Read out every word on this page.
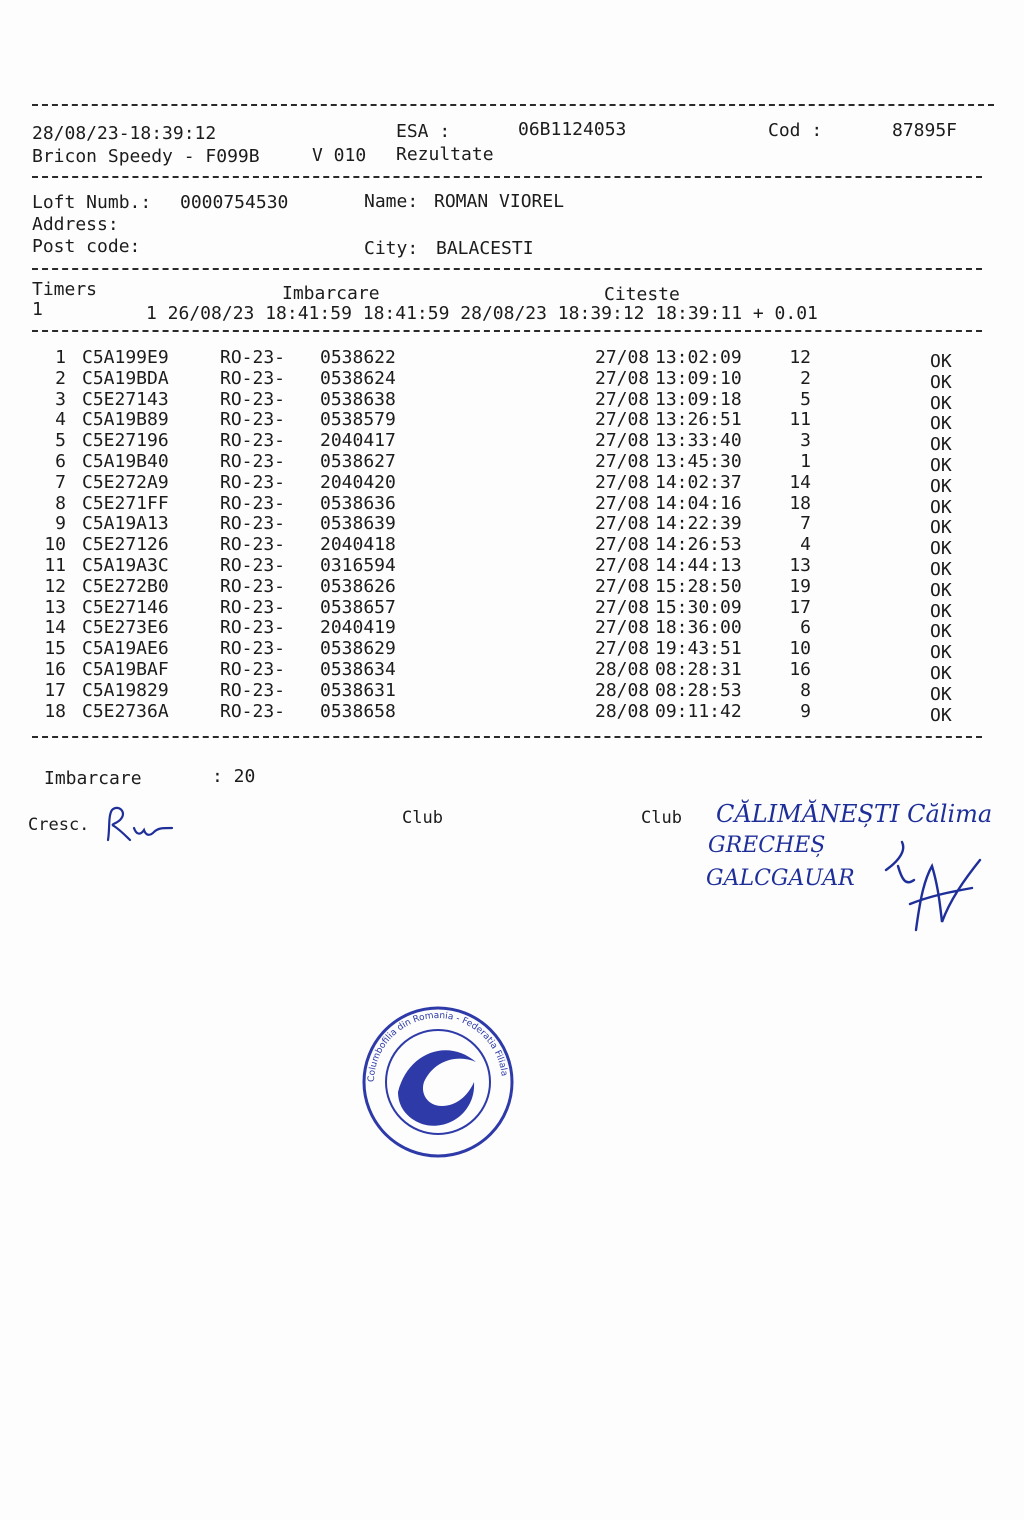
28/08/23-18:39:12	ESA :	06B1124053	Cod :	87895F
Bricon Speedy - F099B	V 010 Rezultate
Loft Numb.: 0000754530	Name: ROMAN VIOREL
Address:
Post code:	City: BALACESTI
Timers	Imbarcare	Citeste
1	1 26/08/23 18:41:59 18:41:59 28/08/23 18:39:12 18:39:11 + 0.01
1 C5A199E9	RO-23- 0538622	27/08 13:02:09	12	OK
2 C5A19BDA	RO-23- 0538624	27/08 13:09:10	2	OK
3 C5E27143	RO-23- 0538638	27/08 13:09:18	5	OK
4 C5A19B89	RO-23- 0538579	27/08 13:26:51	11	OK
5 C5E27196	RO-23- 2040417	27/08 13:33:40	3	OK
6 C5A19B40	RO-23- 0538627	27/08 13:45:30	1	OK
7 C5E272A9	RO-23- 2040420	27/08 14:02:37	14	OK
8 C5E271FF	RO-23- 0538636	27/08 14:04:16	18	OK
9 C5A19A13	RO-23- 0538639	27/08 14:22:39	7	OK
10 C5E27126	RO-23- 2040418	27/08 14:26:53	4	OK
11 C5A19A3C	RO-23- 0316594	27/08 14:44:13	13	OK
12 C5E272B0	RO-23- 0538626	27/08 15:28:50	19	OK
13 C5E27146	RO-23- 0538657	27/08 15:30:09	17	OK
14 C5E273E6	RO-23- 2040419	27/08 18:36:00	6	OK
15 C5A19AE6	RO-23- 0538629	27/08 19:43:51	10	OK
16 C5A19BAF	RO-23- 0538634	28/08 08:28:31	16	OK
17 C5A19829	RO-23- 0538631	28/08 08:28:53	8	OK
18 C5E2736A	RO-23- 0538658	28/08 09:11:42	9	OK
Imbarcare	: 20
Cresc.	Club	Club CĂLIMĂNEȘTI Călima
GRECHEȘ
GALCGAUAR
Columbofilia din Romania - Federatia Filiala
